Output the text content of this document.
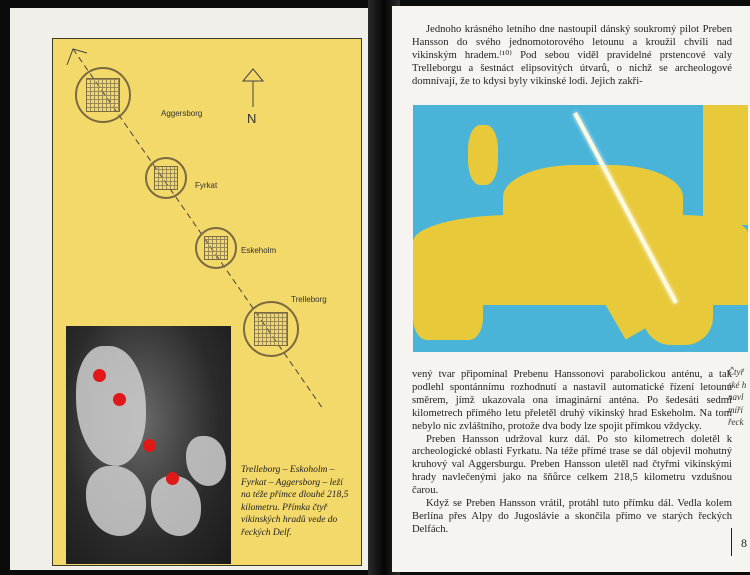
Aggersborg	N
Fyrkat
Eskeholm
Trelleborg
Trelleborg – Eskoholm – Fyrkat – Aggersborg – leží na téže přímce dlouhé 218,5 kilometru. Přímka čtyř vikinských hradů vede do řeckých Delf.

Jednoho krásného letního dne nastoupil dánský soukromý pilot Preben Hansson do svého jednomotorového letounu a kroužil chvíli nad vikinským hradem.⁽¹⁰⁾ Pod sebou viděl pravidelné prstencové valy Trelleborgu a šestnáct elipsovitých útvarů, o nichž se archeologové domnívají, že to kdysi byly vikinské lodi. Jejich zakři-

vený tvar připomínal Prebenu Hanssonovi parabolickou anténu, a tak podlehl spontánnímu rozhodnutí a nastavil automatické řízení letounu směrem, jímž ukazovala ona imaginární anténa. Po šedesáti sedmi kilometrech přímého letu přeletěl druhý vikinský hrad Eskeholm. Na tom nebylo nic zvláštního, protože dva body lze spojit přímkou vždycky.

Preben Hansson udržoval kurz dál. Po sto kilometrech doletěl k archeologické oblasti Fyrkatu. Na téže přímé trase se dál objevil mohutný kruhový val Aggersburgu. Preben Hansson uletěl nad čtyřmi vikinskými hrady navlečenými jako na šňůrce celkem 218,5 kilometru vzdušnou čarou.

Když se Preben Hansson vrátil, protáhl tuto přímku dál. Vedla kolem Berlína přes Alpy do Jugoslávie a skončila přímo ve starých řeckých Delfách.

Čtyř
ské h
navl
míří
řeck
8
